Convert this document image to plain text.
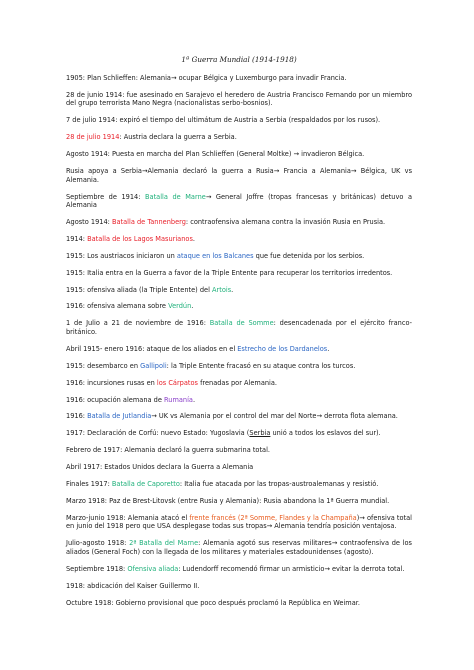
1ª Guerra Mundial (1914-1918)

1905: Plan Schlieffen: Alemania→ ocupar Bélgica y Luxemburgo para invadir Francia.

28 de junio 1914: fue asesinado en Sarajevo el heredero de Austria Francisco Fernando por un miembro del grupo terrorista Mano Negra (nacionalistas serbo-bosnios).

7 de julio 1914: expiró el tiempo del ultimátum de Austria a Serbia (respaldados por los rusos).

28 de julio 1914: Austria declara la guerra a Serbia.

Agosto 1914: Puesta en marcha del Plan Schlieffen (General Moltke) → invadieron Bélgica.

Rusia apoya a Serbia→Alemania declaró la guerra a Rusia→ Francia a Alemania→ Bélgica, UK vs Alemania.

Septiembre de 1914: Batalla de Marne→ General Joffre (tropas francesas y británicas) detuvo a Alemania

Agosto 1914: Batalla de Tannenberg: contraofensiva alemana contra la invasión Rusia en Prusia.

1914: Batalla de los Lagos Masurianos.

1915: Los austriacos iniciaron un ataque en los Balcanes que fue detenida por los serbios.

1915: Italia entra en la Guerra a favor de la Triple Entente para recuperar los territorios irredentos.

1915: ofensiva aliada (la Triple Entente) del Artois.

1916: ofensiva alemana sobre Verdún.

1 de Julio a 21 de noviembre de 1916: Batalla de Somme: desencadenada por el ejército franco-británico.

Abril 1915- enero 1916: ataque de los aliados en el Estrecho de los Dardanelos.

1915: desembarco en Gallipoli: la Triple Entente fracasó en su ataque contra los turcos.

1916: incursiones rusas en los Cárpatos frenadas por Alemania.

1916: ocupación alemana de Rumanía.

1916: Batalla de Jutlandia→ UK vs Alemania por el control del mar del Norte→ derrota flota alemana.

1917: Declaración de Corfú: nuevo Estado: Yugoslavia (Serbia unió a todos los eslavos del sur).

Febrero de 1917: Alemania declaró la guerra submarina total.

Abril 1917: Estados Unidos declara la Guerra a Alemania

Finales 1917: Batalla de Caporetto: Italia fue atacada por las tropas-austroalemanas y resistió.

Marzo 1918: Paz de Brest-Litovsk (entre Rusia y Alemania): Rusia abandona la 1ª Guerra mundial.

Marzo-junio 1918: Alemania atacó el frente francés (2ª Somme, Flandes y la Champaña)→ ofensiva total en junio del 1918 pero que USA desplegase todas sus tropas→ Alemania tendría posición ventajosa.

Julio-agosto 1918: 2ª Batalla del Marne: Alemania agotó sus reservas militares→ contraofensiva de los aliados (General Foch) con la llegada de los militares y materiales estadounidenses (agosto).

Septiembre 1918: Ofensiva aliada: Ludendorff recomendó firmar un armisticio→ evitar la derrota total.

1918: abdicación del Kaiser Guillermo II.

Octubre 1918: Gobierno provisional que poco después proclamó la República en Weimar.
